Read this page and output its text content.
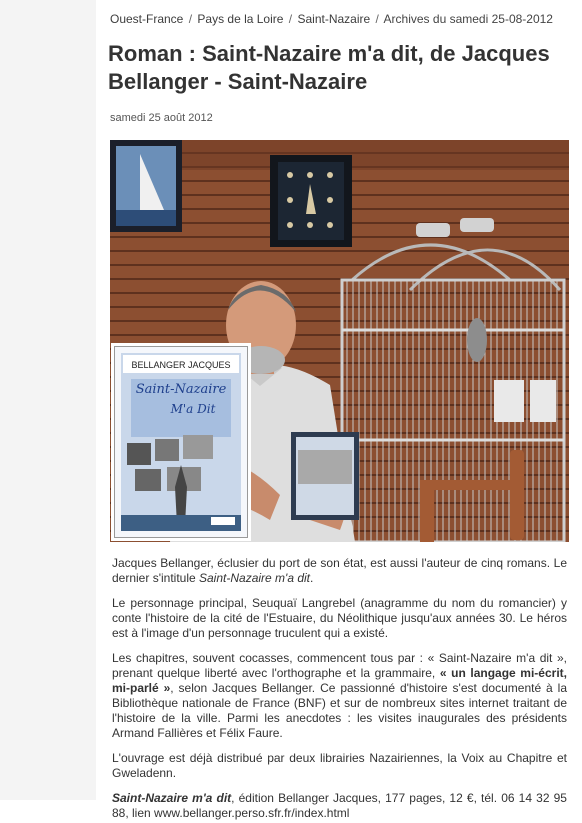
Ouest-France / Pays de la Loire / Saint-Nazaire / Archives du samedi 25-08-2012
Roman : Saint-Nazaire m'a dit, de Jacques Bellanger - Saint-Nazaire
samedi 25 août 2012
BELLANGER JACQUES
Saint-Nazaire
M'a Dit

Jacques Bellanger, éclusier du port de son état, est aussi l'auteur de cinq romans. Le dernier s'intitule Saint-Nazaire m'a dit.

Le personnage principal, Seuquaï Langrebel (anagramme du nom du romancier) y conte l'histoire de la cité de l'Estuaire, du Néolithique jusqu'aux années 30. Le héros est à l'image d'un personnage truculent qui a existé.

Les chapitres, souvent cocasses, commencent tous par : « Saint-Nazaire m'a dit », prenant quelque liberté avec l'orthographe et la grammaire, « un langage mi-écrit, mi-parlé », selon Jacques Bellanger. Ce passionné d'histoire s'est documenté à la Bibliothèque nationale de France (BNF) et sur de nombreux sites internet traitant de l'histoire de la ville. Parmi les anecdotes : les visites inaugurales des présidents Armand Fallières et Félix Faure.

L'ouvrage est déjà distribué par deux librairies Nazairiennes, la Voix au Chapitre et Gweladenn.

Saint-Nazaire m'a dit, édition Bellanger Jacques, 177 pages, 12 €, tél. 06 14 32 95 88, lien www.bellanger.perso.sfr.fr/index.html
